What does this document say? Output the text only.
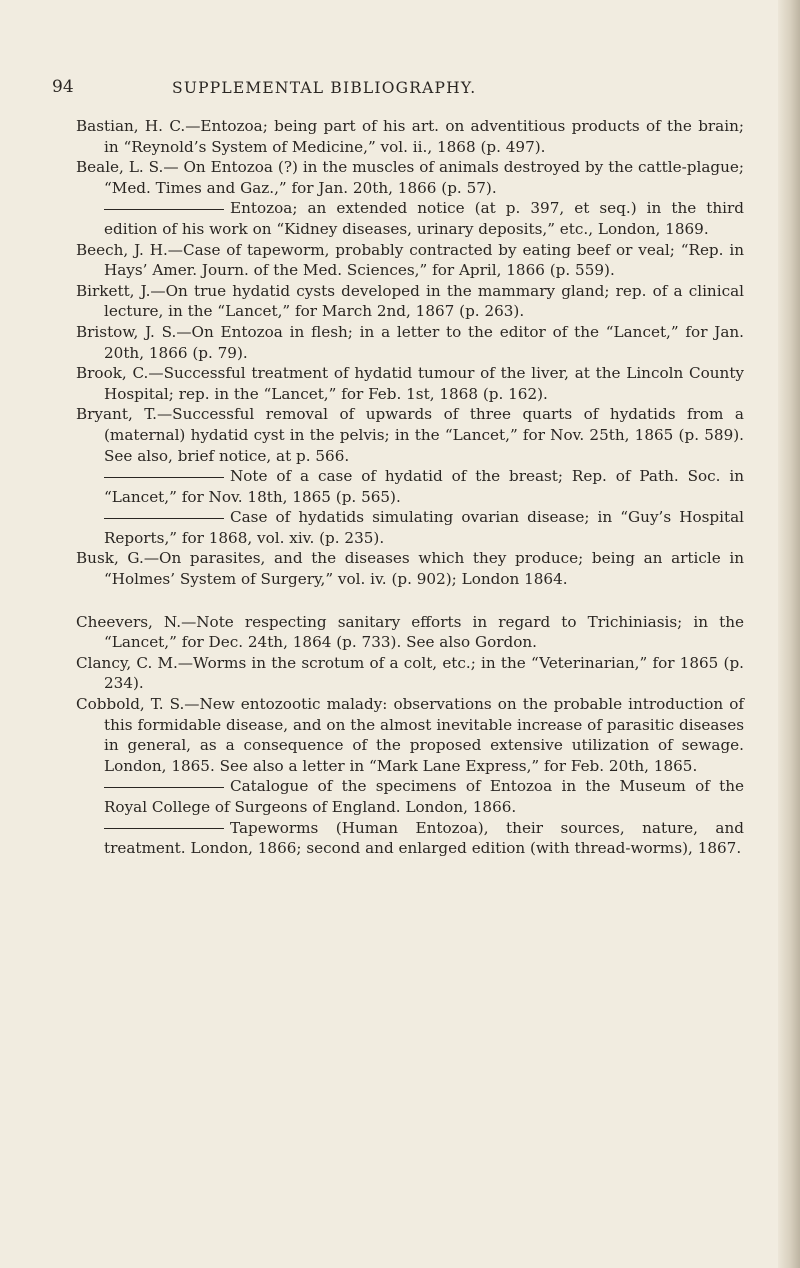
94	SUPPLEMENTAL BIBLIOGRAPHY.

Bastian, H. C.—Entozoa; being part of his art. on adventitious products of the brain; in “Reynold’s System of Medicine,” vol. ii., 1868 (p. 497).

Beale, L. S.— On Entozoa (?) in the muscles of animals destroyed by the cattle-plague; “Med. Times and Gaz.,” for Jan. 20th, 1866 (p. 57).

Entozoa; an extended notice (at p. 397, et seq.) in the third edition of his work on “Kidney diseases, urinary deposits,” etc., London, 1869.

Beech, J. H.—Case of tapeworm, probably contracted by eating beef or veal; “Rep. in Hays’ Amer. Journ. of the Med. Sciences,” for April, 1866 (p. 559).

Birkett, J.—On true hydatid cysts developed in the mammary gland; rep. of a clinical lecture, in the “Lancet,” for March 2nd, 1867 (p. 263).

Bristow, J. S.—On Entozoa in flesh; in a letter to the editor of the “Lancet,” for Jan. 20th, 1866 (p. 79).

Brook, C.—Successful treatment of hydatid tumour of the liver, at the Lincoln County Hospital; rep. in the “Lancet,” for Feb. 1st, 1868 (p. 162).

Bryant, T.—Successful removal of upwards of three quarts of hydatids from a (maternal) hydatid cyst in the pelvis; in the “Lancet,” for Nov. 25th, 1865 (p. 589). See also, brief notice, at p. 566.

Note of a case of hydatid of the breast; Rep. of Path. Soc. in “Lancet,” for Nov. 18th, 1865 (p. 565).

Case of hydatids simulating ovarian disease; in “Guy’s Hospital Reports,” for 1868, vol. xiv. (p. 235).

Busk, G.—On parasites, and the diseases which they produce; being an article in “Holmes’ System of Surgery,” vol. iv. (p. 902); London 1864.

Cheevers, N.—Note respecting sanitary efforts in regard to Trichiniasis; in the “Lancet,” for Dec. 24th, 1864 (p. 733). See also Gordon.

Clancy, C. M.—Worms in the scrotum of a colt, etc.; in the “Veterinarian,” for 1865 (p. 234).

Cobbold, T. S.—New entozootic malady: observations on the probable introduction of this formidable disease, and on the almost inevitable increase of parasitic diseases in general, as a consequence of the proposed extensive utilization of sewage. London, 1865. See also a letter in “Mark Lane Express,” for Feb. 20th, 1865.

Catalogue of the specimens of Entozoa in the Museum of the Royal College of Surgeons of England. London, 1866.

Tapeworms (Human Entozoa), their sources, nature, and treatment. London, 1866; second and enlarged edition (with thread-worms), 1867.
